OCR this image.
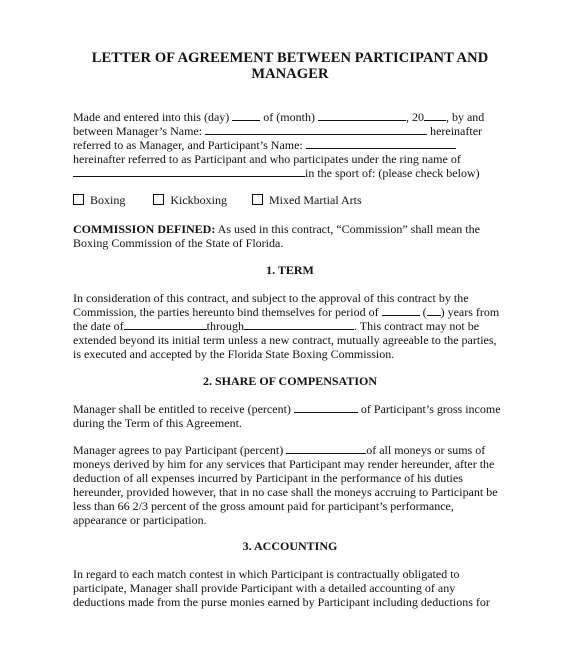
LETTER OF AGREEMENT BETWEEN PARTICIPANT AND
MANAGER
Made and entered into this (day)	of (month)	, 20 , by and
between Manager’s Name:	hereinafter
referred to as Manager, and Participant’s Name:
hereinafter referred to as Participant and who participates under the ring name of
in the sport of: (please check below)
Boxing	Kickboxing	Mixed Martial Arts
COMMISSION DEFINED: As used in this contract, “Commission” shall mean the
Boxing Commission of the State of Florida.
1. TERM
In consideration of this contract, and subject to the approval of this contract by the
Commission, the parties hereunto bind themselves for period of	( ) years from
the date of	through	. This contract may not be
extended beyond its initial term unless a new contract, mutually agreeable to the parties,
is executed and accepted by the Florida State Boxing Commission.
2. SHARE OF COMPENSATION
Manager shall be entitled to receive (percent)	of Participant’s gross income
during the Term of this Agreement.
Manager agrees to pay Participant (percent)	of all moneys or sums of
moneys derived by him for any services that Participant may render hereunder, after the
deduction of all expenses incurred by Participant in the performance of his duties
hereunder, provided however, that in no case shall the moneys accruing to Participant be
less than 66 2/3 percent of the gross amount paid for participant’s performance,
appearance or participation.
3. ACCOUNTING
In regard to each match contest in which Participant is contractually obligated to
participate, Manager shall provide Participant with a detailed accounting of any
deductions made from the purse monies earned by Participant including deductions for
